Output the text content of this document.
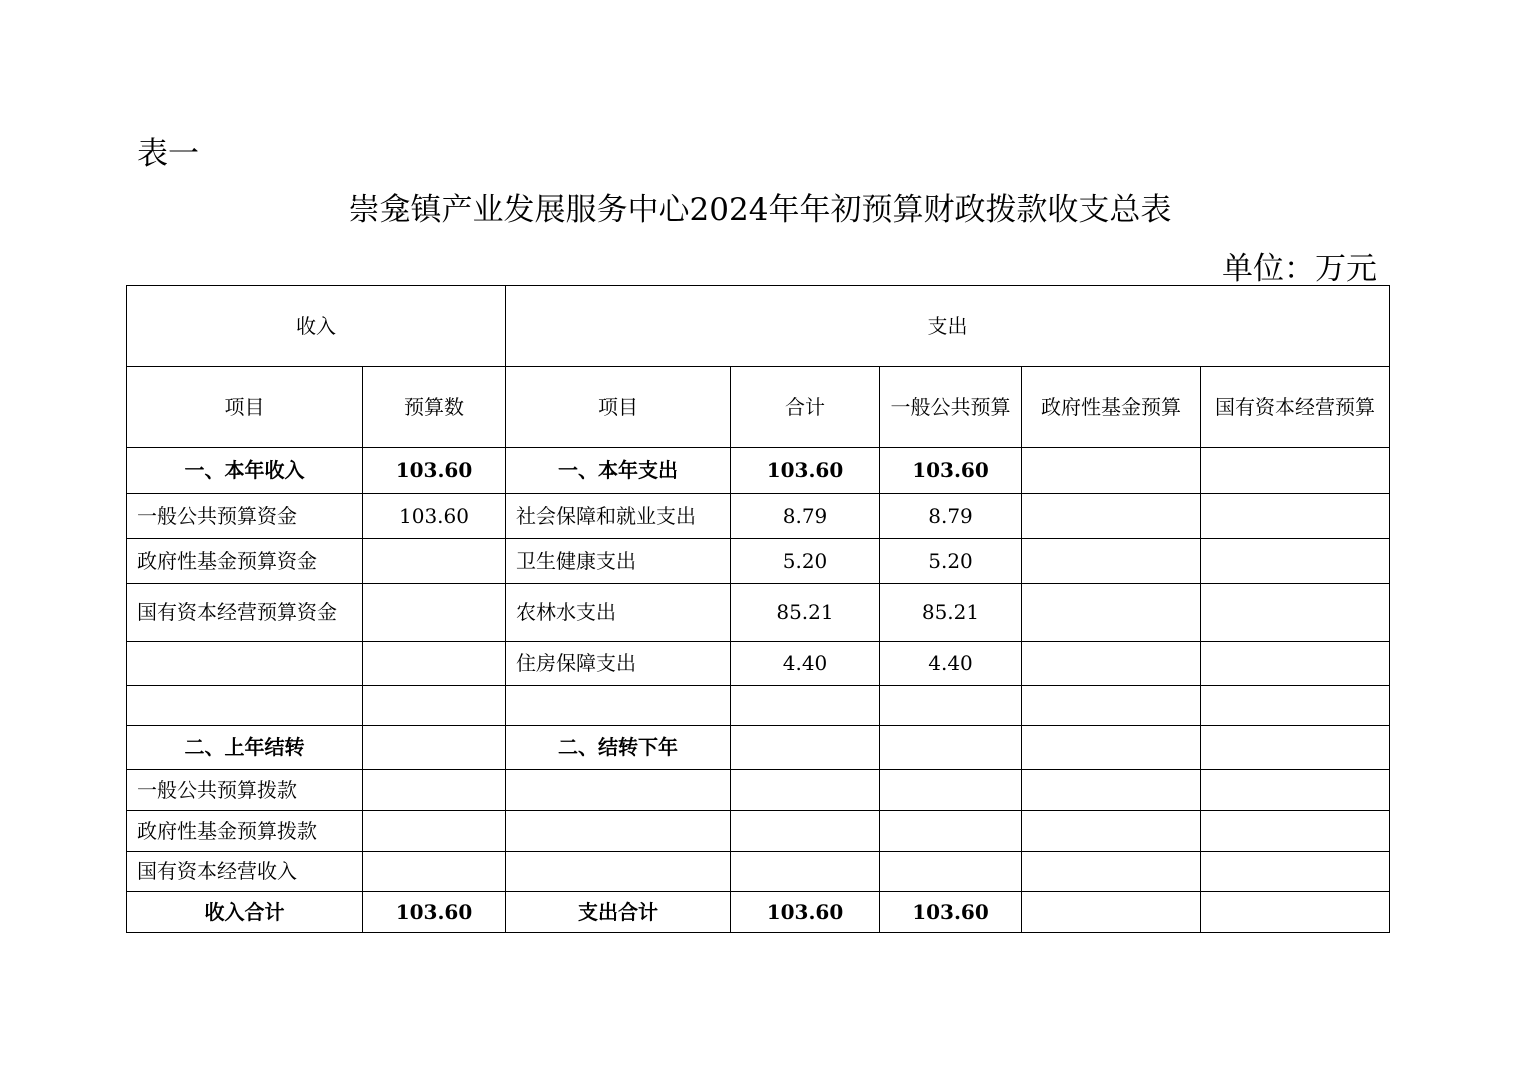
表一
崇龛镇产业发展服务中心2024年年初预算财政拨款收支总表
单位：万元
收入		支出				
项目	预算数	项目	合计	一般公共预算	政府性基金预算	国有资本经营预算
一、本年收入	103.60	一、本年支出	103.60	103.60		
一般公共预算资金	103.60	社会保障和就业支出	8.79	8.79		
政府性基金预算资金		卫生健康支出	5.20	5.20		
国有资本经营预算资金		农林水支出	85.21	85.21		
		住房保障支出	4.40	4.40		

二、上年结转		二、结转下年				
一般公共预算拨款						
政府性基金预算拨款						
国有资本经营收入						
收入合计	103.60	支出合计	103.60	103.60		
